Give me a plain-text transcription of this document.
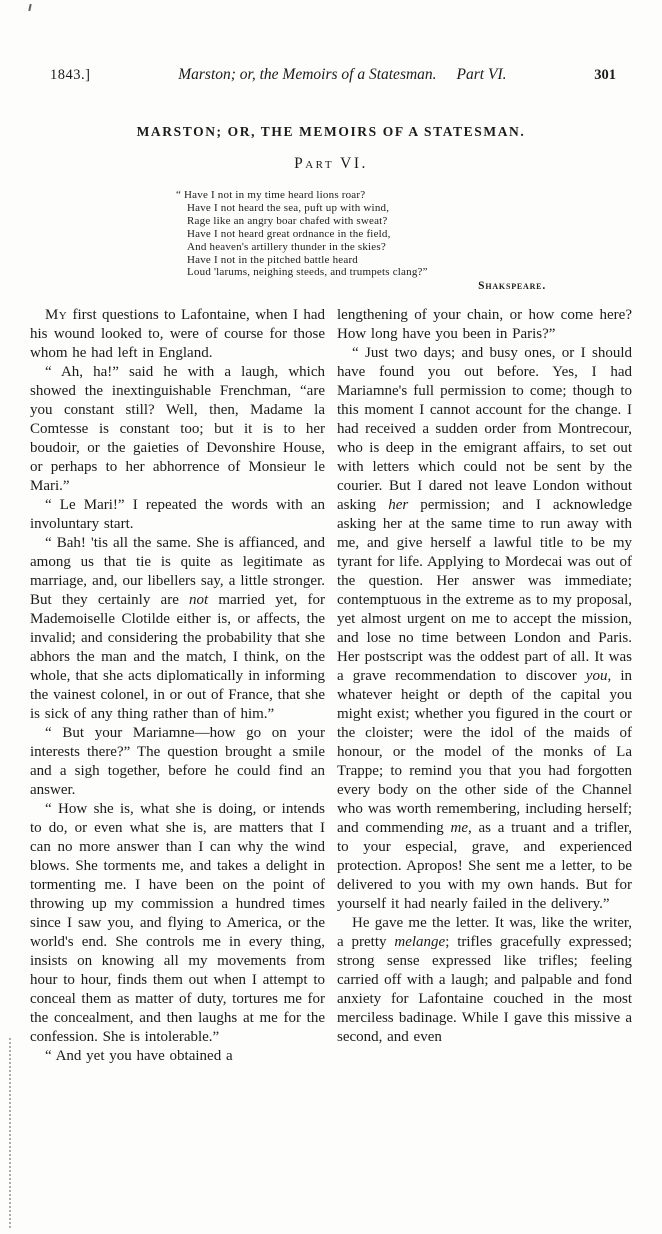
1843.]	Marston; or, the Memoirs of a Statesman. Part VI.	301
MARSTON; OR, THE MEMOIRS OF A STATESMAN.
Part VI.
“ Have I not in my time heard lions roar?
Have I not heard the sea, puft up with wind,
Rage like an angry boar chafed with sweat?
Have I not heard great ordnance in the field,
And heaven's artillery thunder in the skies?
Have I not in the pitched battle heard
Loud 'larums, neighing steeds, and trumpets clang?”
Shakspeare.

My first questions to Lafontaine, when I had his wound looked to, were of course for those whom he had left in England.

“ Ah, ha!” said he with a laugh, which showed the inextinguishable Frenchman, “are you constant still? Well, then, Madame la Comtesse is constant too; but it is to her boudoir, or the gaieties of Devonshire House, or perhaps to her abhorrence of Monsieur le Mari.”

“ Le Mari!” I repeated the words with an involuntary start.

“ Bah! 'tis all the same. She is affianced, and among us that tie is quite as legitimate as marriage, and, our libellers say, a little stronger. But they certainly are not married yet, for Mademoiselle Clotilde either is, or affects, the invalid; and considering the probability that she abhors the man and the match, I think, on the whole, that she acts diplomatically in informing the vainest colonel, in or out of France, that she is sick of any thing rather than of him.”

“ But your Mariamne—how go on your interests there?” The question brought a smile and a sigh together, before he could find an answer.

“ How she is, what she is doing, or intends to do, or even what she is, are matters that I can no more answer than I can why the wind blows. She torments me, and takes a delight in tormenting me. I have been on the point of throwing up my commission a hundred times since I saw you, and flying to America, or the world's end. She controls me in every thing, insists on knowing all my movements from hour to hour, finds them out when I attempt to conceal them as matter of duty, tortures me for the concealment, and then laughs at me for the confession. She is intolerable.”

“ And yet you have obtained a

lengthening of your chain, or how come here? How long have you been in Paris?”

“ Just two days; and busy ones, or I should have found you out before. Yes, I had Mariamne's full permission to come; though to this moment I cannot account for the change. I had received a sudden order from Montrecour, who is deep in the emigrant affairs, to set out with letters which could not be sent by the courier. But I dared not leave London without asking her permission; and I acknowledge asking her at the same time to run away with me, and give herself a lawful title to be my tyrant for life. Applying to Mordecai was out of the question. Her answer was immediate; contemptuous in the extreme as to my proposal, yet almost urgent on me to accept the mission, and lose no time between London and Paris. Her postscript was the oddest part of all. It was a grave recommendation to discover you, in whatever height or depth of the capital you might exist; whether you figured in the court or the cloister; were the idol of the maids of honour, or the model of the monks of La Trappe; to remind you that you had forgotten every body on the other side of the Channel who was worth remembering, including herself; and commending me, as a truant and a trifler, to your especial, grave, and experienced protection. Apropos! She sent me a letter, to be delivered to you with my own hands. But for yourself it had nearly failed in the delivery.”

He gave me the letter. It was, like the writer, a pretty melange; trifles gracefully expressed; strong sense expressed like trifles; feeling carried off with a laugh; and palpable and fond anxiety for Lafontaine couched in the most merciless badinage. While I gave this missive a second, and even
